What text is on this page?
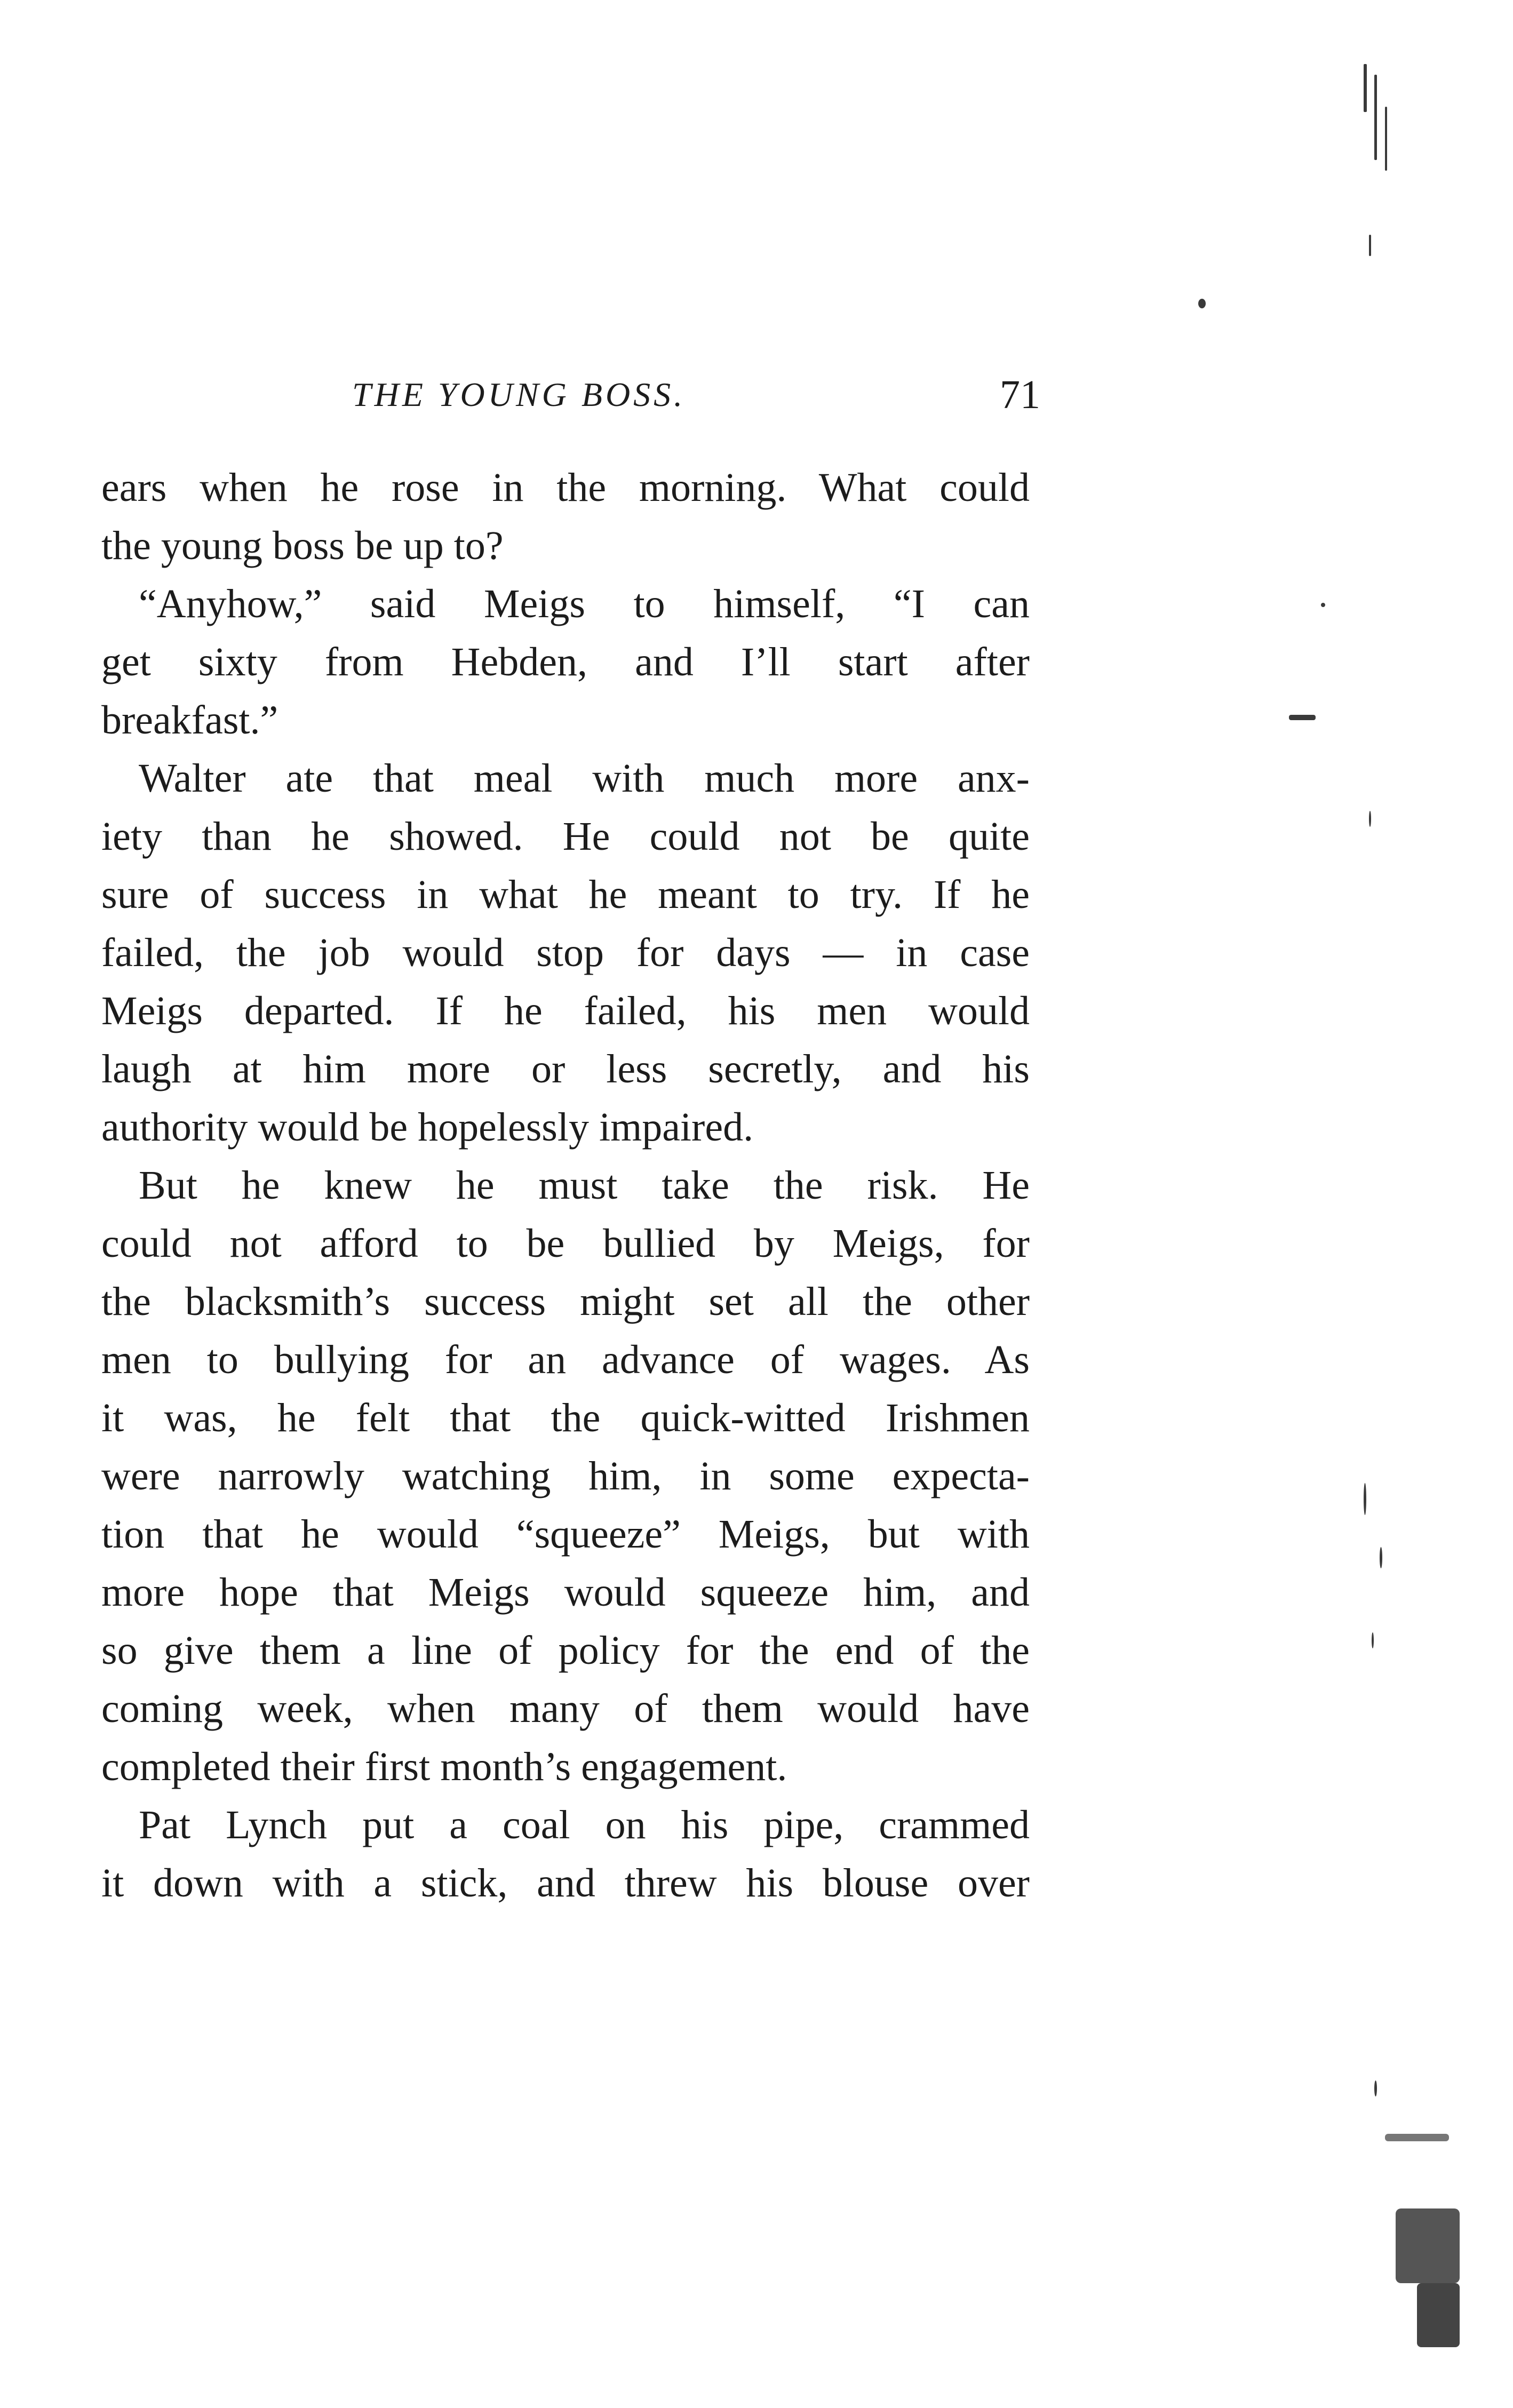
THE YOUNG BOSS.	71
ears when he rose in the morning. What could
the young boss be up to?
“Anyhow,” said Meigs to himself, “I can
get sixty from Hebden, and I’ll start after
breakfast.”
Walter ate that meal with much more anx-
iety than he showed. He could not be quite
sure of success in what he meant to try. If he
failed, the job would stop for days — in case
Meigs departed. If he failed, his men would
laugh at him more or less secretly, and his
authority would be hopelessly impaired.
But he knew he must take the risk. He
could not afford to be bullied by Meigs, for
the blacksmith’s success might set all the other
men to bullying for an advance of wages. As
it was, he felt that the quick-witted Irishmen
were narrowly watching him, in some expecta-
tion that he would “squeeze” Meigs, but with
more hope that Meigs would squeeze him, and
so give them a line of policy for the end of the
coming week, when many of them would have
completed their first month’s engagement.
Pat Lynch put a coal on his pipe, crammed
it down with a stick, and threw his blouse over
